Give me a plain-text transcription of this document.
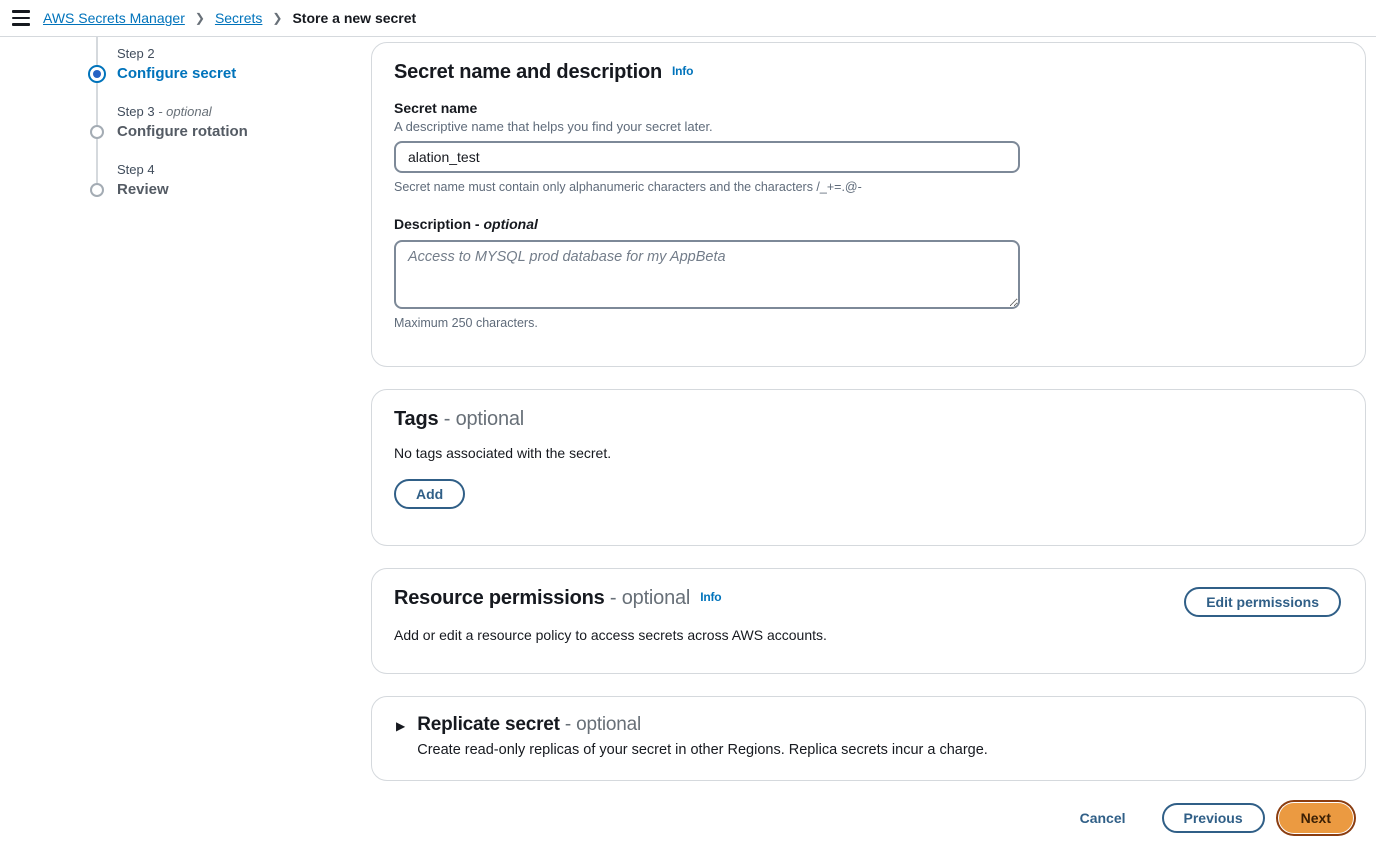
AWS Secrets Manager ❯ Secrets ❯ Store a new secret
Step 2
Configure secret
Step 3 - optional
Configure rotation
Step 4
Review
Secret name and description Info
Secret name
A descriptive name that helps you find your secret later.
alation_test
Secret name must contain only alphanumeric characters and the characters /_+=.@-
Description - optional
Access to MYSQL prod database for my AppBeta
Maximum 250 characters.
Tags - optional
No tags associated with the secret.
Add
Resource permissions - optional Info	Edit permissions
Add or edit a resource policy to access secrets across AWS accounts.
▶ Replicate secret - optional
Create read-only replicas of your secret in other Regions. Replica secrets incur a charge.
Cancel	Previous	Next
